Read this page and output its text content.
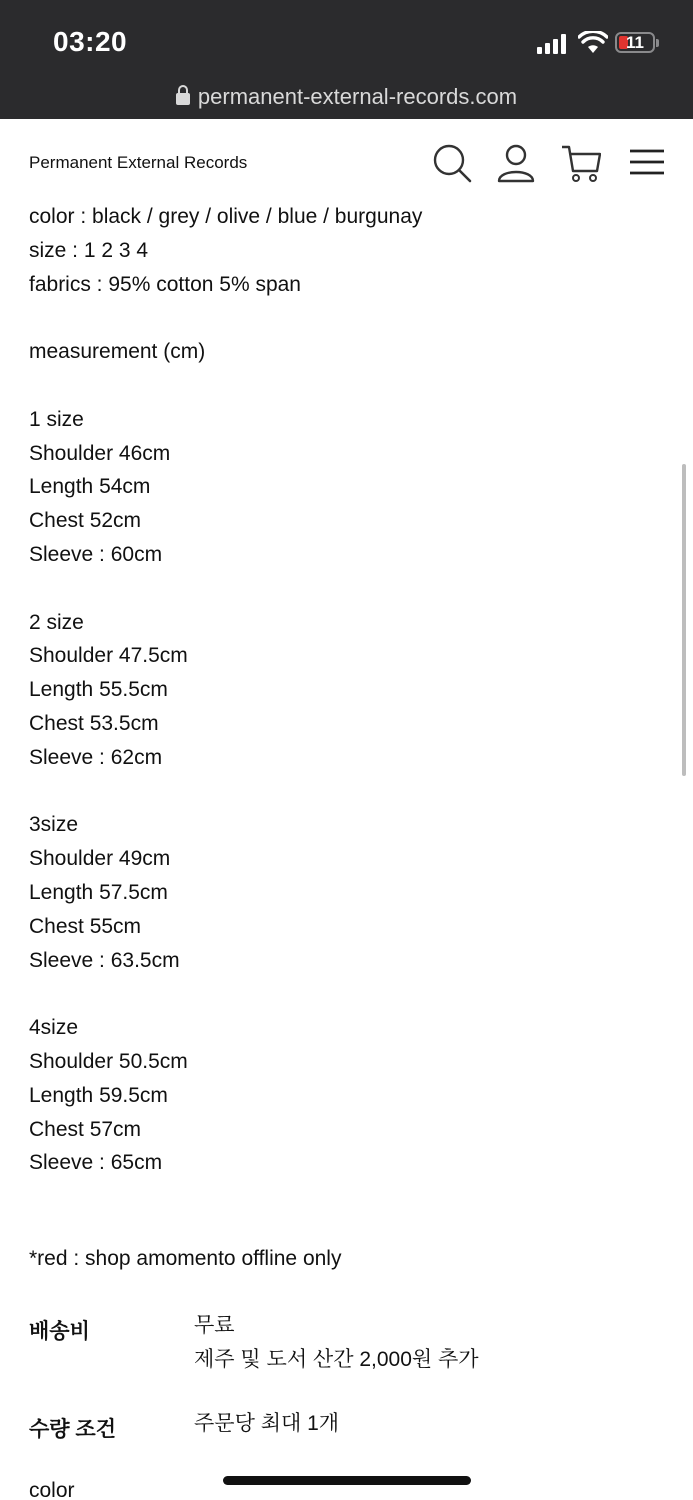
03:20	11
permanent-external-records.com
Permanent External Records

color : black / grey / olive / blue / burgunay

size : 1 2 3 4

fabrics : 95% cotton 5% span

measurement (cm)

1 size

Shoulder 46cm

Length 54cm

Chest 52cm

Sleeve : 60cm

2 size

Shoulder 47.5cm

Length 55.5cm

Chest 53.5cm

Sleeve : 62cm

3size

Shoulder 49cm

Length 57.5cm

Chest 55cm

Sleeve : 63.5cm

4size

Shoulder 50.5cm

Length 59.5cm

Chest 57cm

Sleeve : 65cm

*red : shop amomento offline only
배송비	무료
제주 및 도서 산간 2,000원 추가
수량 조건	주문당 최대 1개
color
